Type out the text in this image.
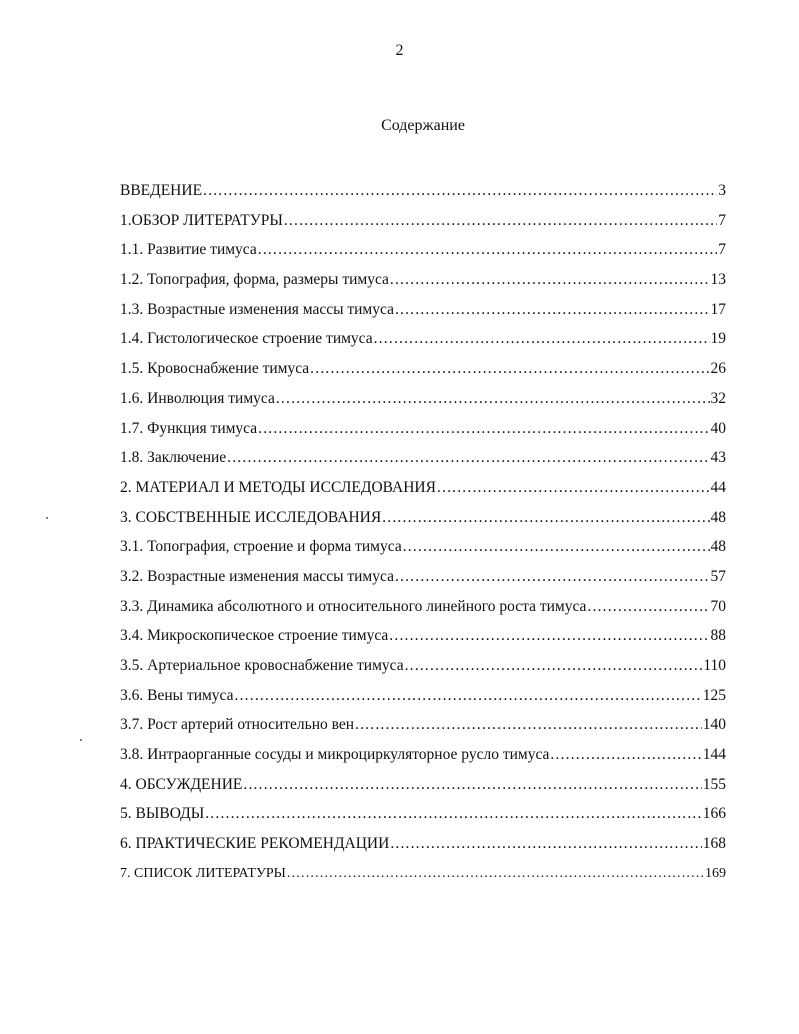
2
Содержание
ВВЕДЕНИЕ .....	3
1.ОБЗОР ЛИТЕРАТУРЫ .....	7
1.1. Развитие тимуса .....	7
1.2. Топография, форма, размеры тимуса .....	13
1.3. Возрастные изменения массы тимуса .....	17
1.4. Гистологическое строение тимуса .....	19
1.5. Кровоснабжение тимуса .....	26
1.6. Инволюция тимуса .....	32
1.7. Функция тимуса .....	40
1.8. Заключение .....	43
2. МАТЕРИАЛ И МЕТОДЫ ИССЛЕДОВАНИЯ .....	44
3. СОБСТВЕННЫЕ ИССЛЕДОВАНИЯ .....	48
3.1. Топография, строение и форма тимуса .....	48
3.2. Возрастные изменения массы тимуса .....	57
3.3. Динамика абсолютного и относительного линейного роста тимуса .....	70
3.4. Микроскопическое строение тимуса .....	88
3.5. Артериальное кровоснабжение тимуса .....	110
3.6. Вены тимуса .....	125
3.7. Рост артерий относительно вен .....	140
3.8. Интраорганные сосуды и микроциркуляторное русло тимуса .....	144
4. ОБСУЖДЕНИЕ .....	155
5. ВЫВОДЫ .....	166
6. ПРАКТИЧЕСКИЕ РЕКОМЕНДАЦИИ .....	168
7. СПИСОК ЛИТЕРАТУРЫ .....	169
